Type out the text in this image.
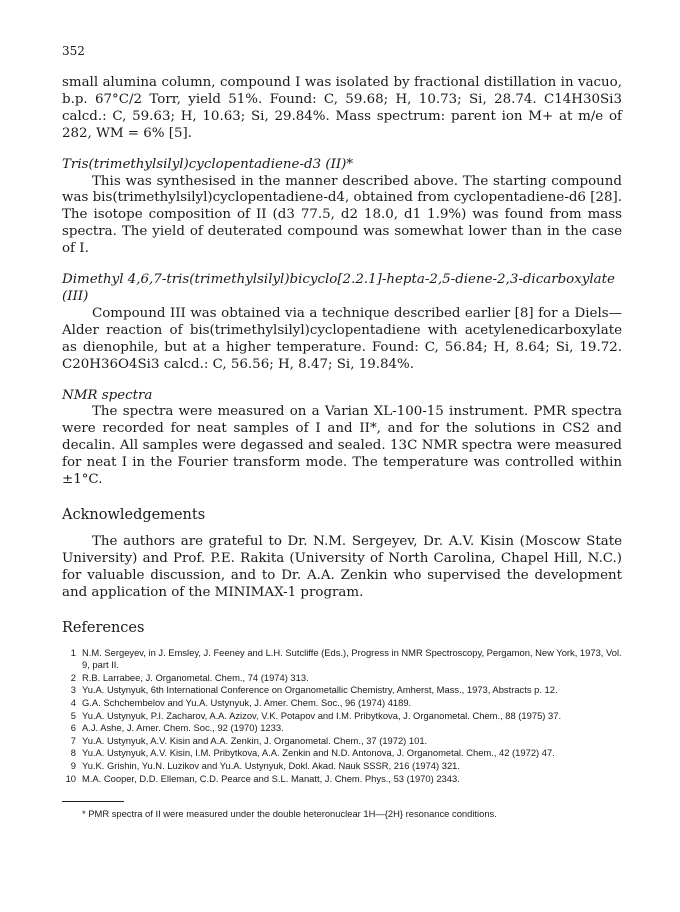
352

small alumina column, compound I was isolated by fractional distillation in vacuo, b.p. 67°C/2 Torr, yield 51%. Found: C, 59.68; H, 10.73; Si, 28.74. C14H30Si3 calcd.: C, 59.63; H, 10.63; Si, 29.84%. Mass spectrum: parent ion M+ at m/e of 282, WM = 6% [5].

Tris(trimethylsilyl)cyclopentadiene-d3 (II)*

This was synthesised in the manner described above. The starting compound was bis(trimethylsilyl)cyclopentadiene-d4, obtained from cyclopentadiene-d6 [28]. The isotope composition of II (d3 77.5, d2 18.0, d1 1.9%) was found from mass spectra. The yield of deuterated compound was somewhat lower than in the case of I.

Dimethyl 4,6,7-tris(trimethylsilyl)bicyclo[2.2.1]-hepta-2,5-diene-2,3-dicarboxylate (III)

Compound III was obtained via a technique described earlier [8] for a Diels—Alder reaction of bis(trimethylsilyl)cyclopentadiene with acetylenedicarboxylate as dienophile, but at a higher temperature. Found: C, 56.84; H, 8.64; Si, 19.72. C20H36O4Si3 calcd.: C, 56.56; H, 8.47; Si, 19.84%.

NMR spectra

The spectra were measured on a Varian XL-100-15 instrument. PMR spectra were recorded for neat samples of I and II*, and for the solutions in CS2 and decalin. All samples were degassed and sealed. 13C NMR spectra were measured for neat I in the Fourier transform mode. The temperature was controlled within ±1°C.

Acknowledgements

The authors are grateful to Dr. N.M. Sergeyev, Dr. A.V. Kisin (Moscow State University) and Prof. P.E. Rakita (University of North Carolina, Chapel Hill, N.C.) for valuable discussion, and to Dr. A.A. Zenkin who supervised the development and application of the MINIMAX-1 program.

References
1 N.M. Sergeyev, in J. Emsley, J. Feeney and L.H. Sutcliffe (Eds.), Progress in NMR Spectroscopy, Pergamon, New York, 1973, Vol. 9, part II.
2 R.B. Larrabee, J. Organometal. Chem., 74 (1974) 313.
3 Yu.A. Ustynyuk, 6th International Conference on Organometallic Chemistry, Amherst, Mass., 1973, Abstracts p. 12.
4 G.A. Schchembelov and Yu.A. Ustynyuk, J. Amer. Chem. Soc., 96 (1974) 4189.
5 Yu.A. Ustynyuk, P.I. Zacharov, A.A. Azizov, V.K. Potapov and I.M. Pribytkova, J. Organometal. Chem., 88 (1975) 37.
6 A.J. Ashe, J. Amer. Chem. Soc., 92 (1970) 1233.
7 Yu.A. Ustynyuk, A.V. Kisin and A.A. Zenkin, J. Organometal. Chem., 37 (1972) 101.
8 Yu.A. Ustynyuk, A.V. Kisin, I.M. Pribytkova, A.A. Zenkin and N.D. Antonova, J. Organometal. Chem., 42 (1972) 47.
9 Yu.K. Grishin, Yu.N. Luzikov and Yu.A. Ustynyuk, Dokl. Akad. Nauk SSSR, 216 (1974) 321.
10 M.A. Cooper, D.D. Elleman, C.D. Pearce and S.L. Manatt, J. Chem. Phys., 53 (1970) 2343.
* PMR spectra of II were measured under the double heteronuclear 1H—{2H} resonance conditions.
